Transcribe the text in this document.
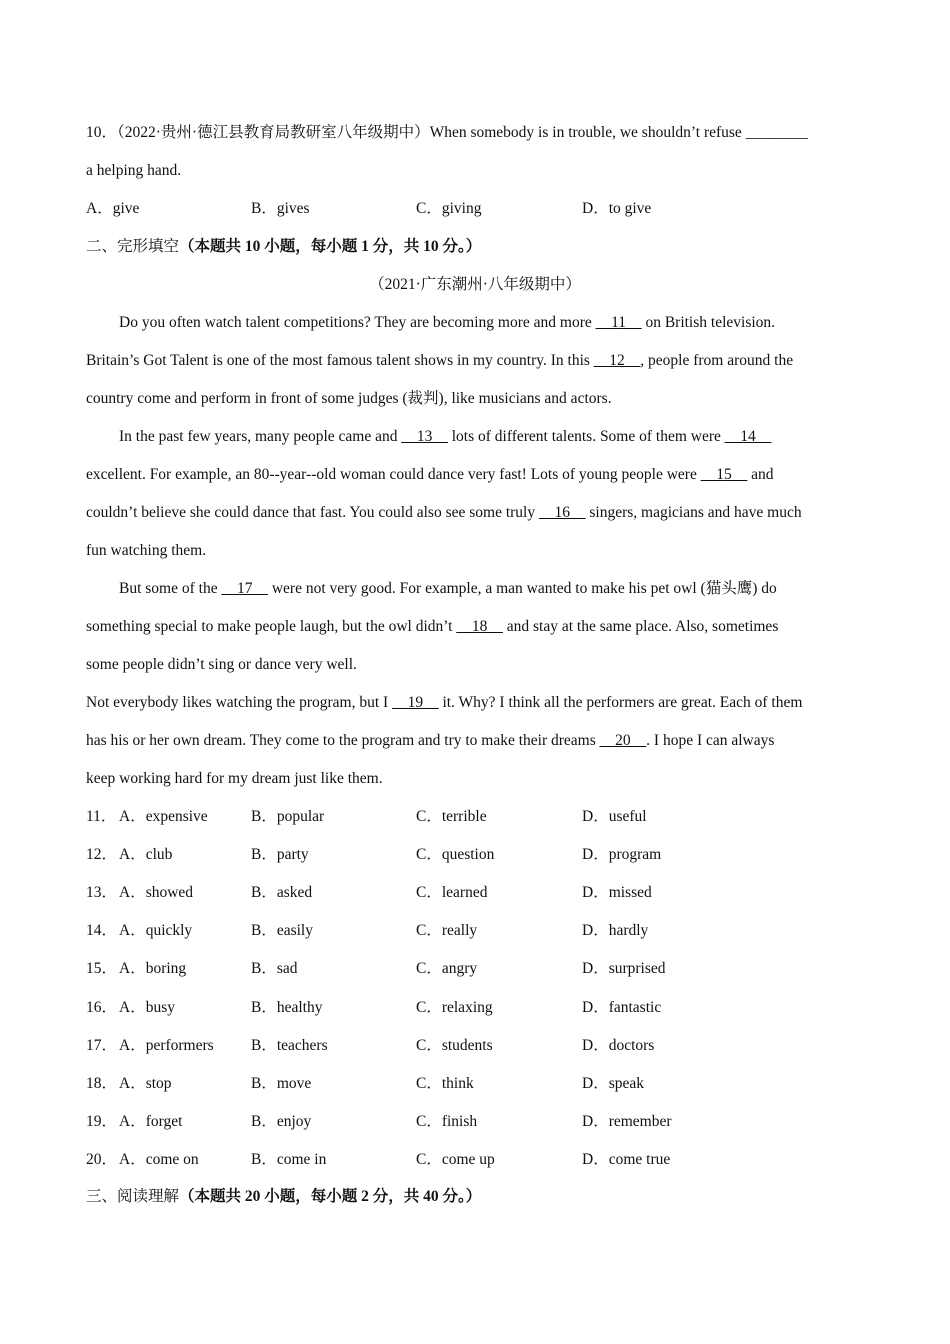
10．（2022·贵州·德江县教育局教研室八年级期中）When somebody is in trouble, we shouldn’t refuse ________
a helping hand.
A．give	B．gives	C．giving	D．to give
二、完形填空（本题共 10 小题，每小题 1 分，共 10 分。）
（2021·广东潮州·八年级期中）
Do you often watch talent competitions? They are becoming more and more __11__ on British television.
Britain’s Got Talent is one of the most famous talent shows in my country. In this __12__, people from around the
country come and perform in front of some judges (裁判), like musicians and actors.
In the past few years, many people came and __13__ lots of different talents. Some of them were __14__
excellent. For example, an 80--year--old woman could dance very fast! Lots of young people were __15__ and
couldn’t believe she could dance that fast. You could also see some truly __16__ singers, magicians and have much
fun watching them.
But some of the __17__ were not very good. For example, a man wanted to make his pet owl (猫头鹰) do
something special to make people laugh, but the owl didn’t __18__ and stay at the same place. Also, sometimes
some people didn’t sing or dance very well.
Not everybody likes watching the program, but I __19__ it. Why? I think all the performers are great. Each of them
has his or her own dream. They come to the program and try to make their dreams __20__. I hope I can always
keep working hard for my dream just like them.
11． A．expensive	B．popular	C．terrible	D．useful
12． A．club	B．party	C．question	D．program
13． A．showed	B．asked	C．learned	D．missed
14． A．quickly	B．easily	C．really	D．hardly
15． A．boring	B．sad	C．angry	D．surprised
16． A．busy	B．healthy	C．relaxing	D．fantastic
17． A．performers B．teachers	C．students	D．doctors
18． A．stop	B．move	C．think	D．speak
19． A．forget	B．enjoy	C．finish	D．remember
20． A．come on	B．come in	C．come up	D．come true
三、阅读理解（本题共 20 小题，每小题 2 分，共 40 分。）
